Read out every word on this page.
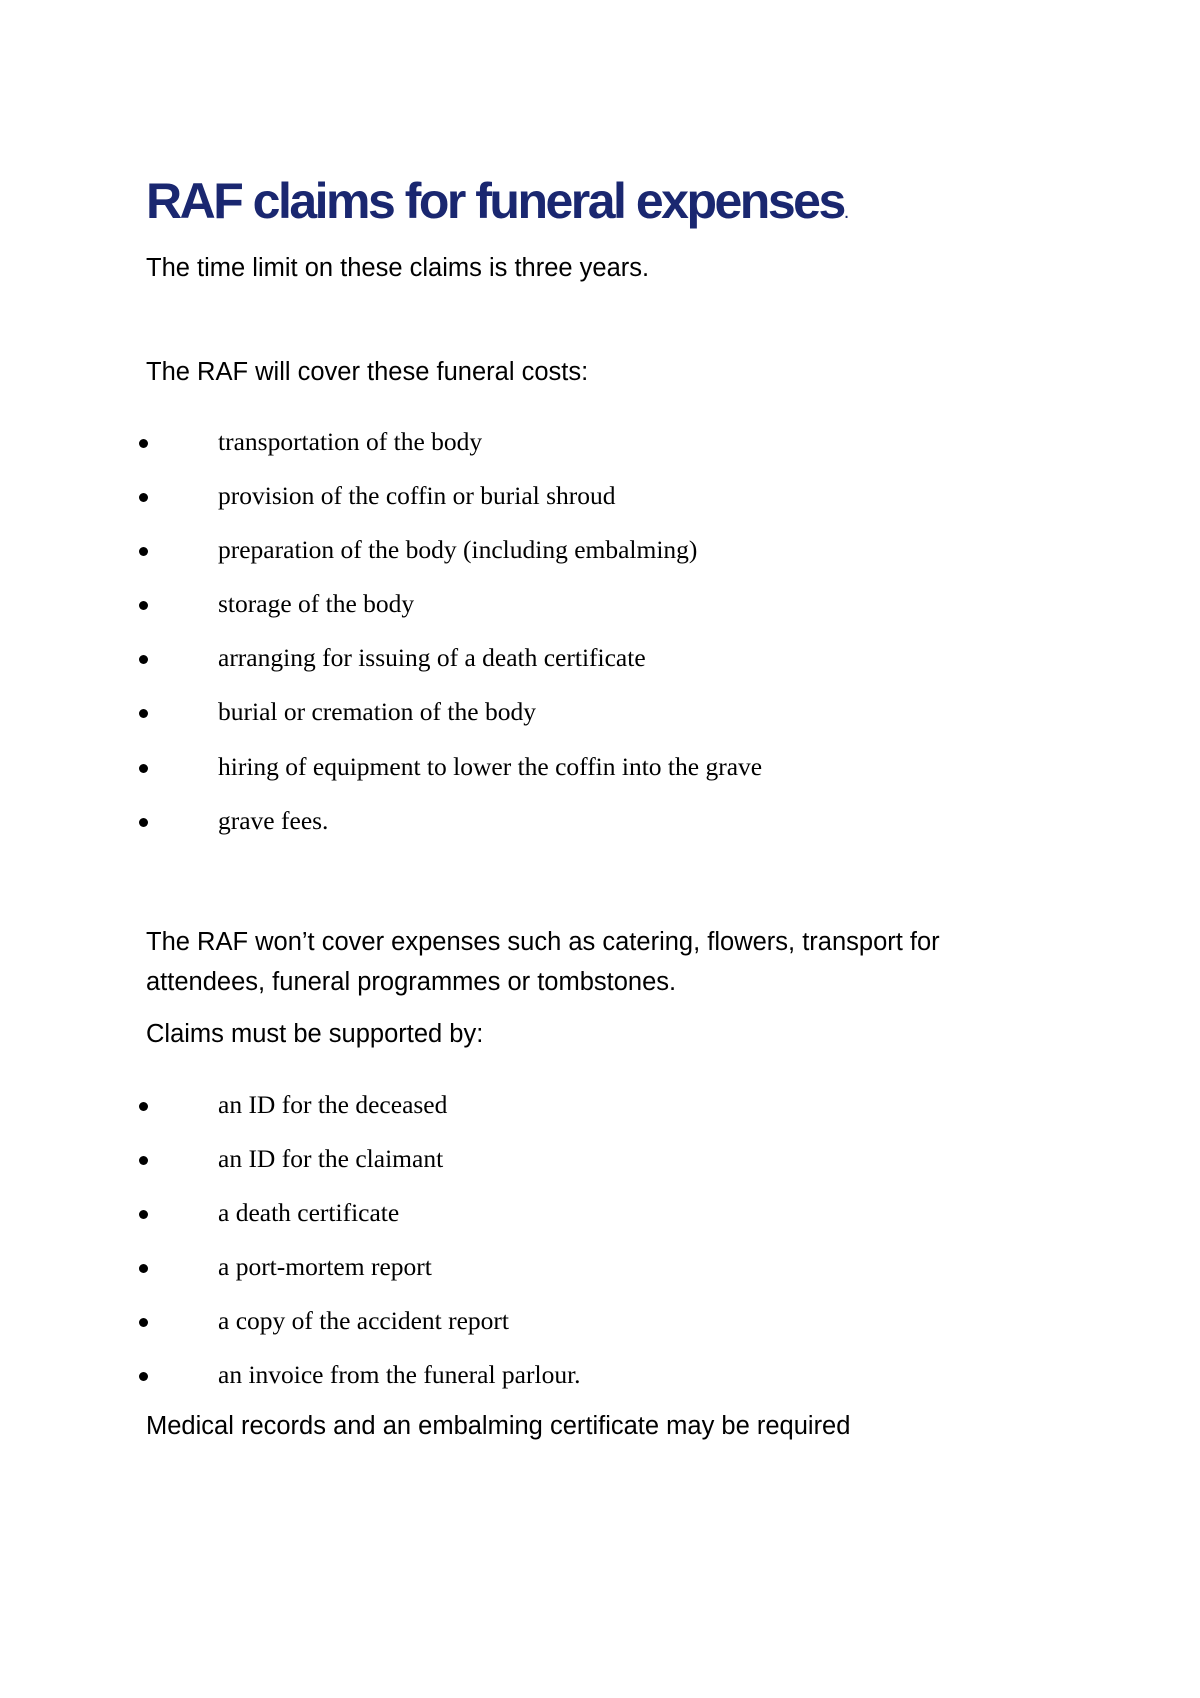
RAF claims for funeral expenses.

The time limit on these claims is three years.

The RAF will cover these funeral costs:

transportation of the body
provision of the coffin or burial shroud
preparation of the body (including embalming)
storage of the body
arranging for issuing of a death certificate
burial or cremation of the body
hiring of equipment to lower the coffin into the grave
grave fees.

The RAF won’t cover expenses such as catering, flowers, transport for

attendees, funeral programmes or tombstones.

Claims must be supported by:

an ID for the deceased
an ID for the claimant
a death certificate
a port-mortem report
a copy of the accident report
an invoice from the funeral parlour.

Medical records and an embalming certificate may be required
